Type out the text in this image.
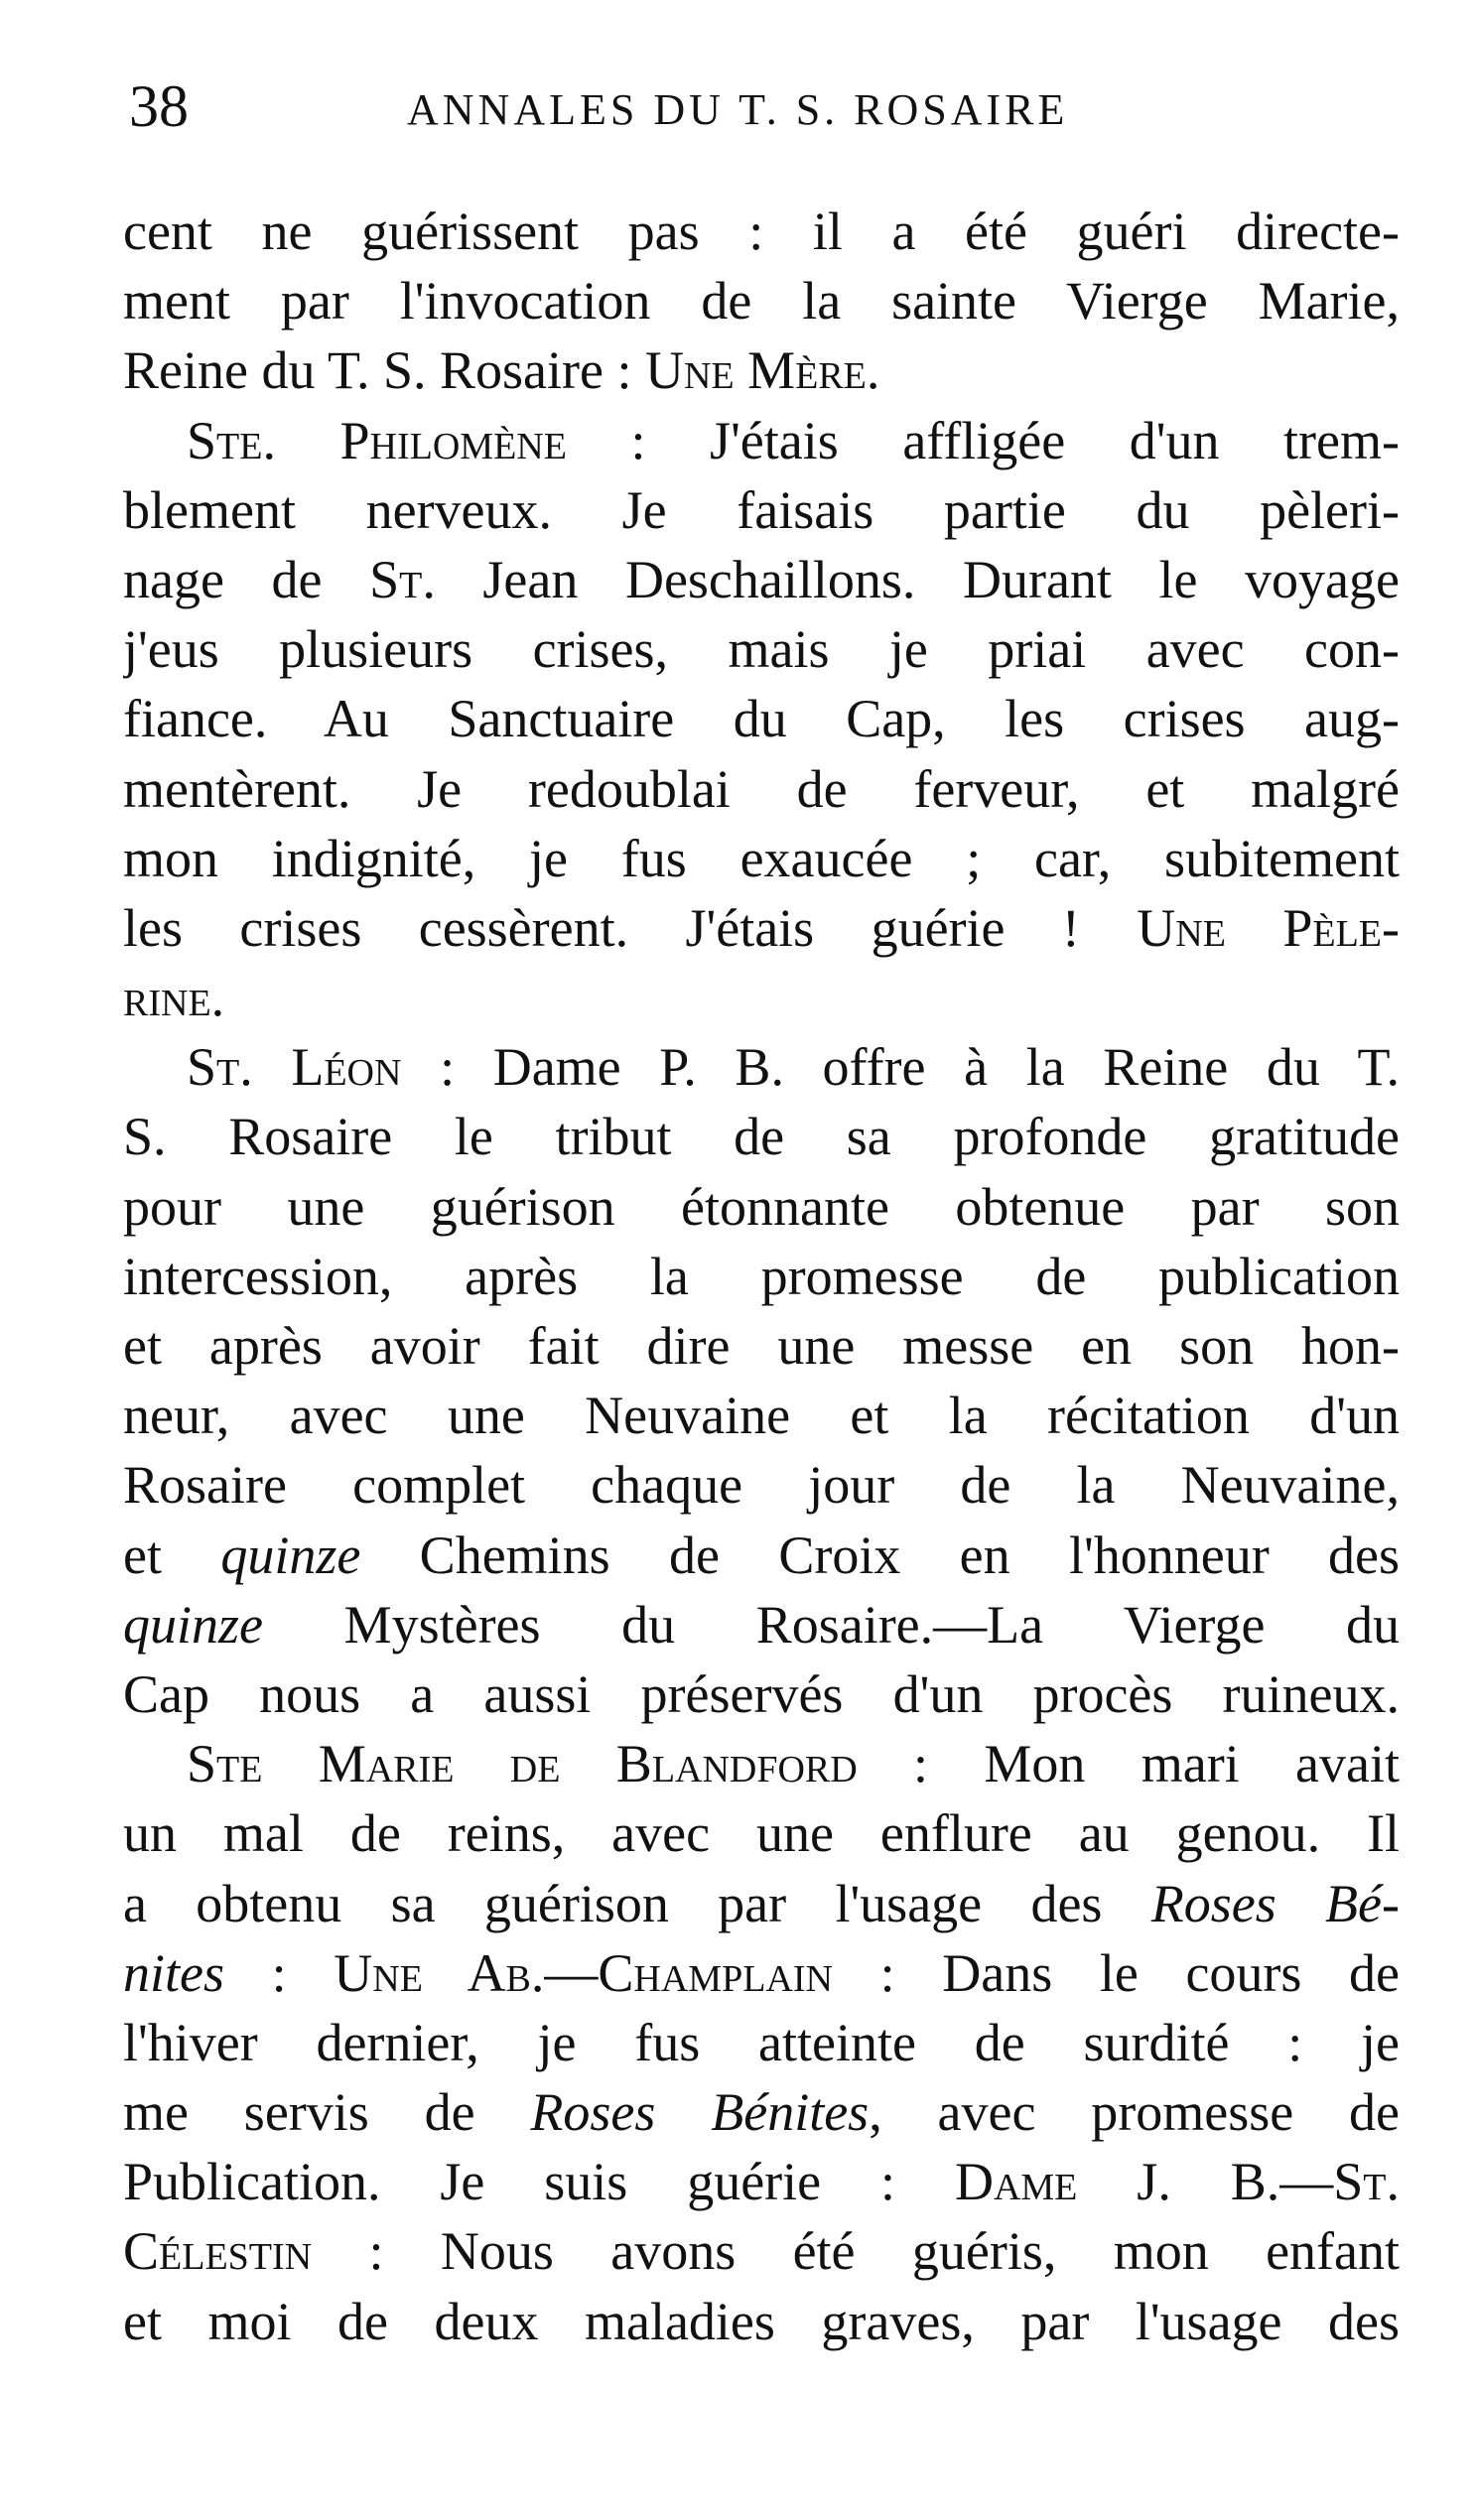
38	ANNALES DU T. S. ROSAIRE
cent ne guérissent pas : il a été guéri directe-
ment par l'invocation de la sainte Vierge Marie,
Reine du T. S. Rosaire : Une Mère.
Ste. Philomène : J'étais affligée d'un trem-
blement nerveux. Je faisais partie du pèleri-
nage de St. Jean Deschaillons. Durant le voyage
j'eus plusieurs crises, mais je priai avec con-
fiance. Au Sanctuaire du Cap, les crises aug-
mentèrent. Je redoublai de ferveur, et malgré
mon indignité, je fus exaucée ; car, subitement
les crises cessèrent. J'étais guérie ! Une Pèle-
rine.
St. Léon : Dame P. B. offre à la Reine du T.
S. Rosaire le tribut de sa profonde gratitude
pour une guérison étonnante obtenue par son
intercession, après la promesse de publication
et après avoir fait dire une messe en son hon-
neur, avec une Neuvaine et la récitation d'un
Rosaire complet chaque jour de la Neuvaine,
et quinze Chemins de Croix en l'honneur des
quinze Mystères du Rosaire.—La Vierge du
Cap nous a aussi préservés d'un procès ruineux.
Ste Marie de Blandford : Mon mari avait
un mal de reins, avec une enflure au genou. Il
a obtenu sa guérison par l'usage des Roses Bé-
nites : Une Ab.—Champlain : Dans le cours de
l'hiver dernier, je fus atteinte de surdité : je
me servis de Roses Bénites, avec promesse de
Publication. Je suis guérie : Dame J. B.—St.
Célestin : Nous avons été guéris, mon enfant
et moi de deux maladies graves, par l'usage des
